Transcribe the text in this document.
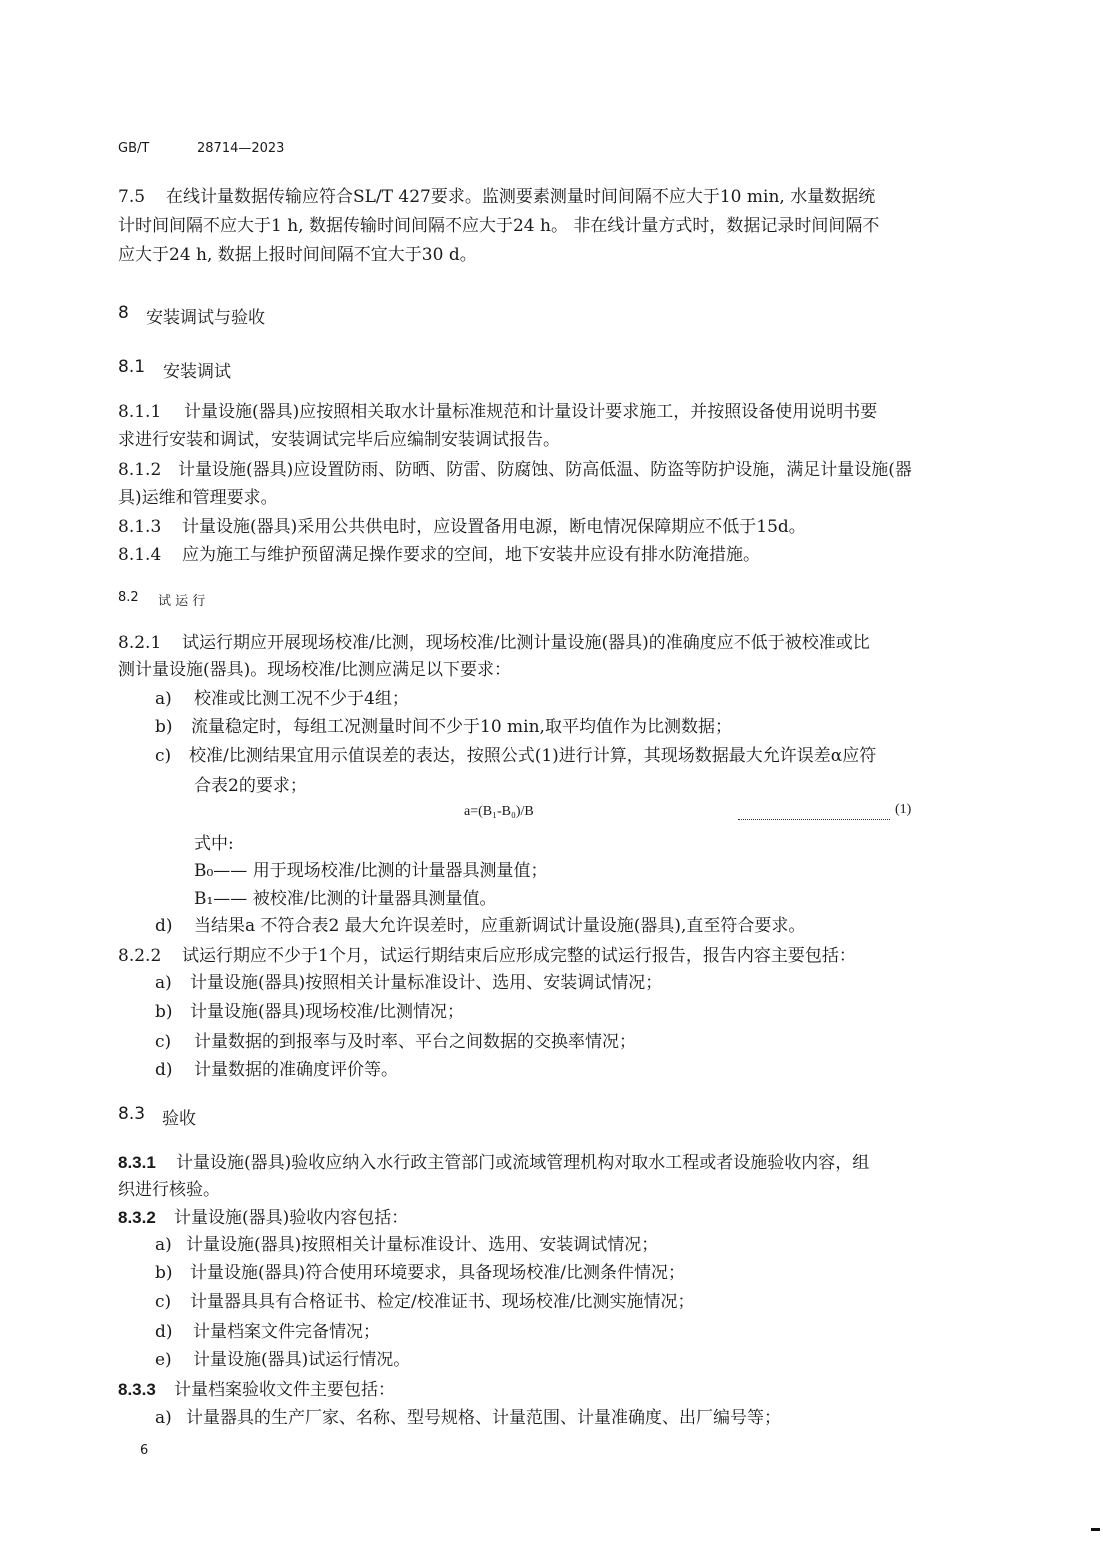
GB/T	28714—2023
7.5 在线计量数据传输应符合SL/T 427要求。监测要素测量时间间隔不应大于10 min, 水量数据统
计时间间隔不应大于1 h, 数据传输时间间隔不应大于24 h。 非在线计量方式时，数据记录时间间隔不
应大于24 h, 数据上报时间间隔不宜大于30 d。
8 安装调试与验收
8.1 安装调试
8.1.1 计量设施(器具)应按照相关取水计量标准规范和计量设计要求施工，并按照设备使用说明书要
求进行安装和调试，安装调试完毕后应编制安装调试报告。
8.1.2 计量设施(器具)应设置防雨、防晒、防雷、防腐蚀、防高低温、防盗等防护设施，满足计量设施(器
具)运维和管理要求。
8.1.3 计量设施(器具)采用公共供电时，应设置备用电源，断电情况保障期应不低于15d。
8.1.4 应为施工与维护预留满足操作要求的空间，地下安装井应设有排水防淹措施。
8.2 试 运 行
8.2.1 试运行期应开展现场校准/比测，现场校准/比测计量设施(器具)的准确度应不低于被校准或比
测计量设施(器具)。现场校准/比测应满足以下要求：
a) 校准或比测工况不少于4组；
b) 流量稳定时，每组工况测量时间不少于10 min,取平均值作为比测数据；
c) 校准/比测结果宜用示值误差的表达，按照公式(1)进行计算，其现场数据最大允许误差α应符
合表2的要求；
a=(B₁-B₀)/B	(1)
式中:
B₀—— 用于现场校准/比测的计量器具测量值；
B₁—— 被校准/比测的计量器具测量值。
d) 当结果a 不符合表2 最大允许误差时，应重新调试计量设施(器具),直至符合要求。
8.2.2 试运行期应不少于1个月，试运行期结束后应形成完整的试运行报告，报告内容主要包括：
a) 计量设施(器具)按照相关计量标准设计、选用、安装调试情况；
b) 计量设施(器具)现场校准/比测情况；
c) 计量数据的到报率与及时率、平台之间数据的交换率情况；
d) 计量数据的准确度评价等。
8.3 验收
8.3.1 计量设施(器具)验收应纳入水行政主管部门或流域管理机构对取水工程或者设施验收内容，组
织进行核验。
8.3.2 计量设施(器具)验收内容包括：
a) 计量设施(器具)按照相关计量标准设计、选用、安装调试情况；
b) 计量设施(器具)符合使用环境要求，具备现场校准/比测条件情况；
c) 计量器具具有合格证书、检定/校准证书、现场校准/比测实施情况；
d) 计量档案文件完备情况；
e) 计量设施(器具)试运行情况。
8.3.3 计量档案验收文件主要包括：
a) 计量器具的生产厂家、名称、型号规格、计量范围、计量准确度、出厂编号等；
6
